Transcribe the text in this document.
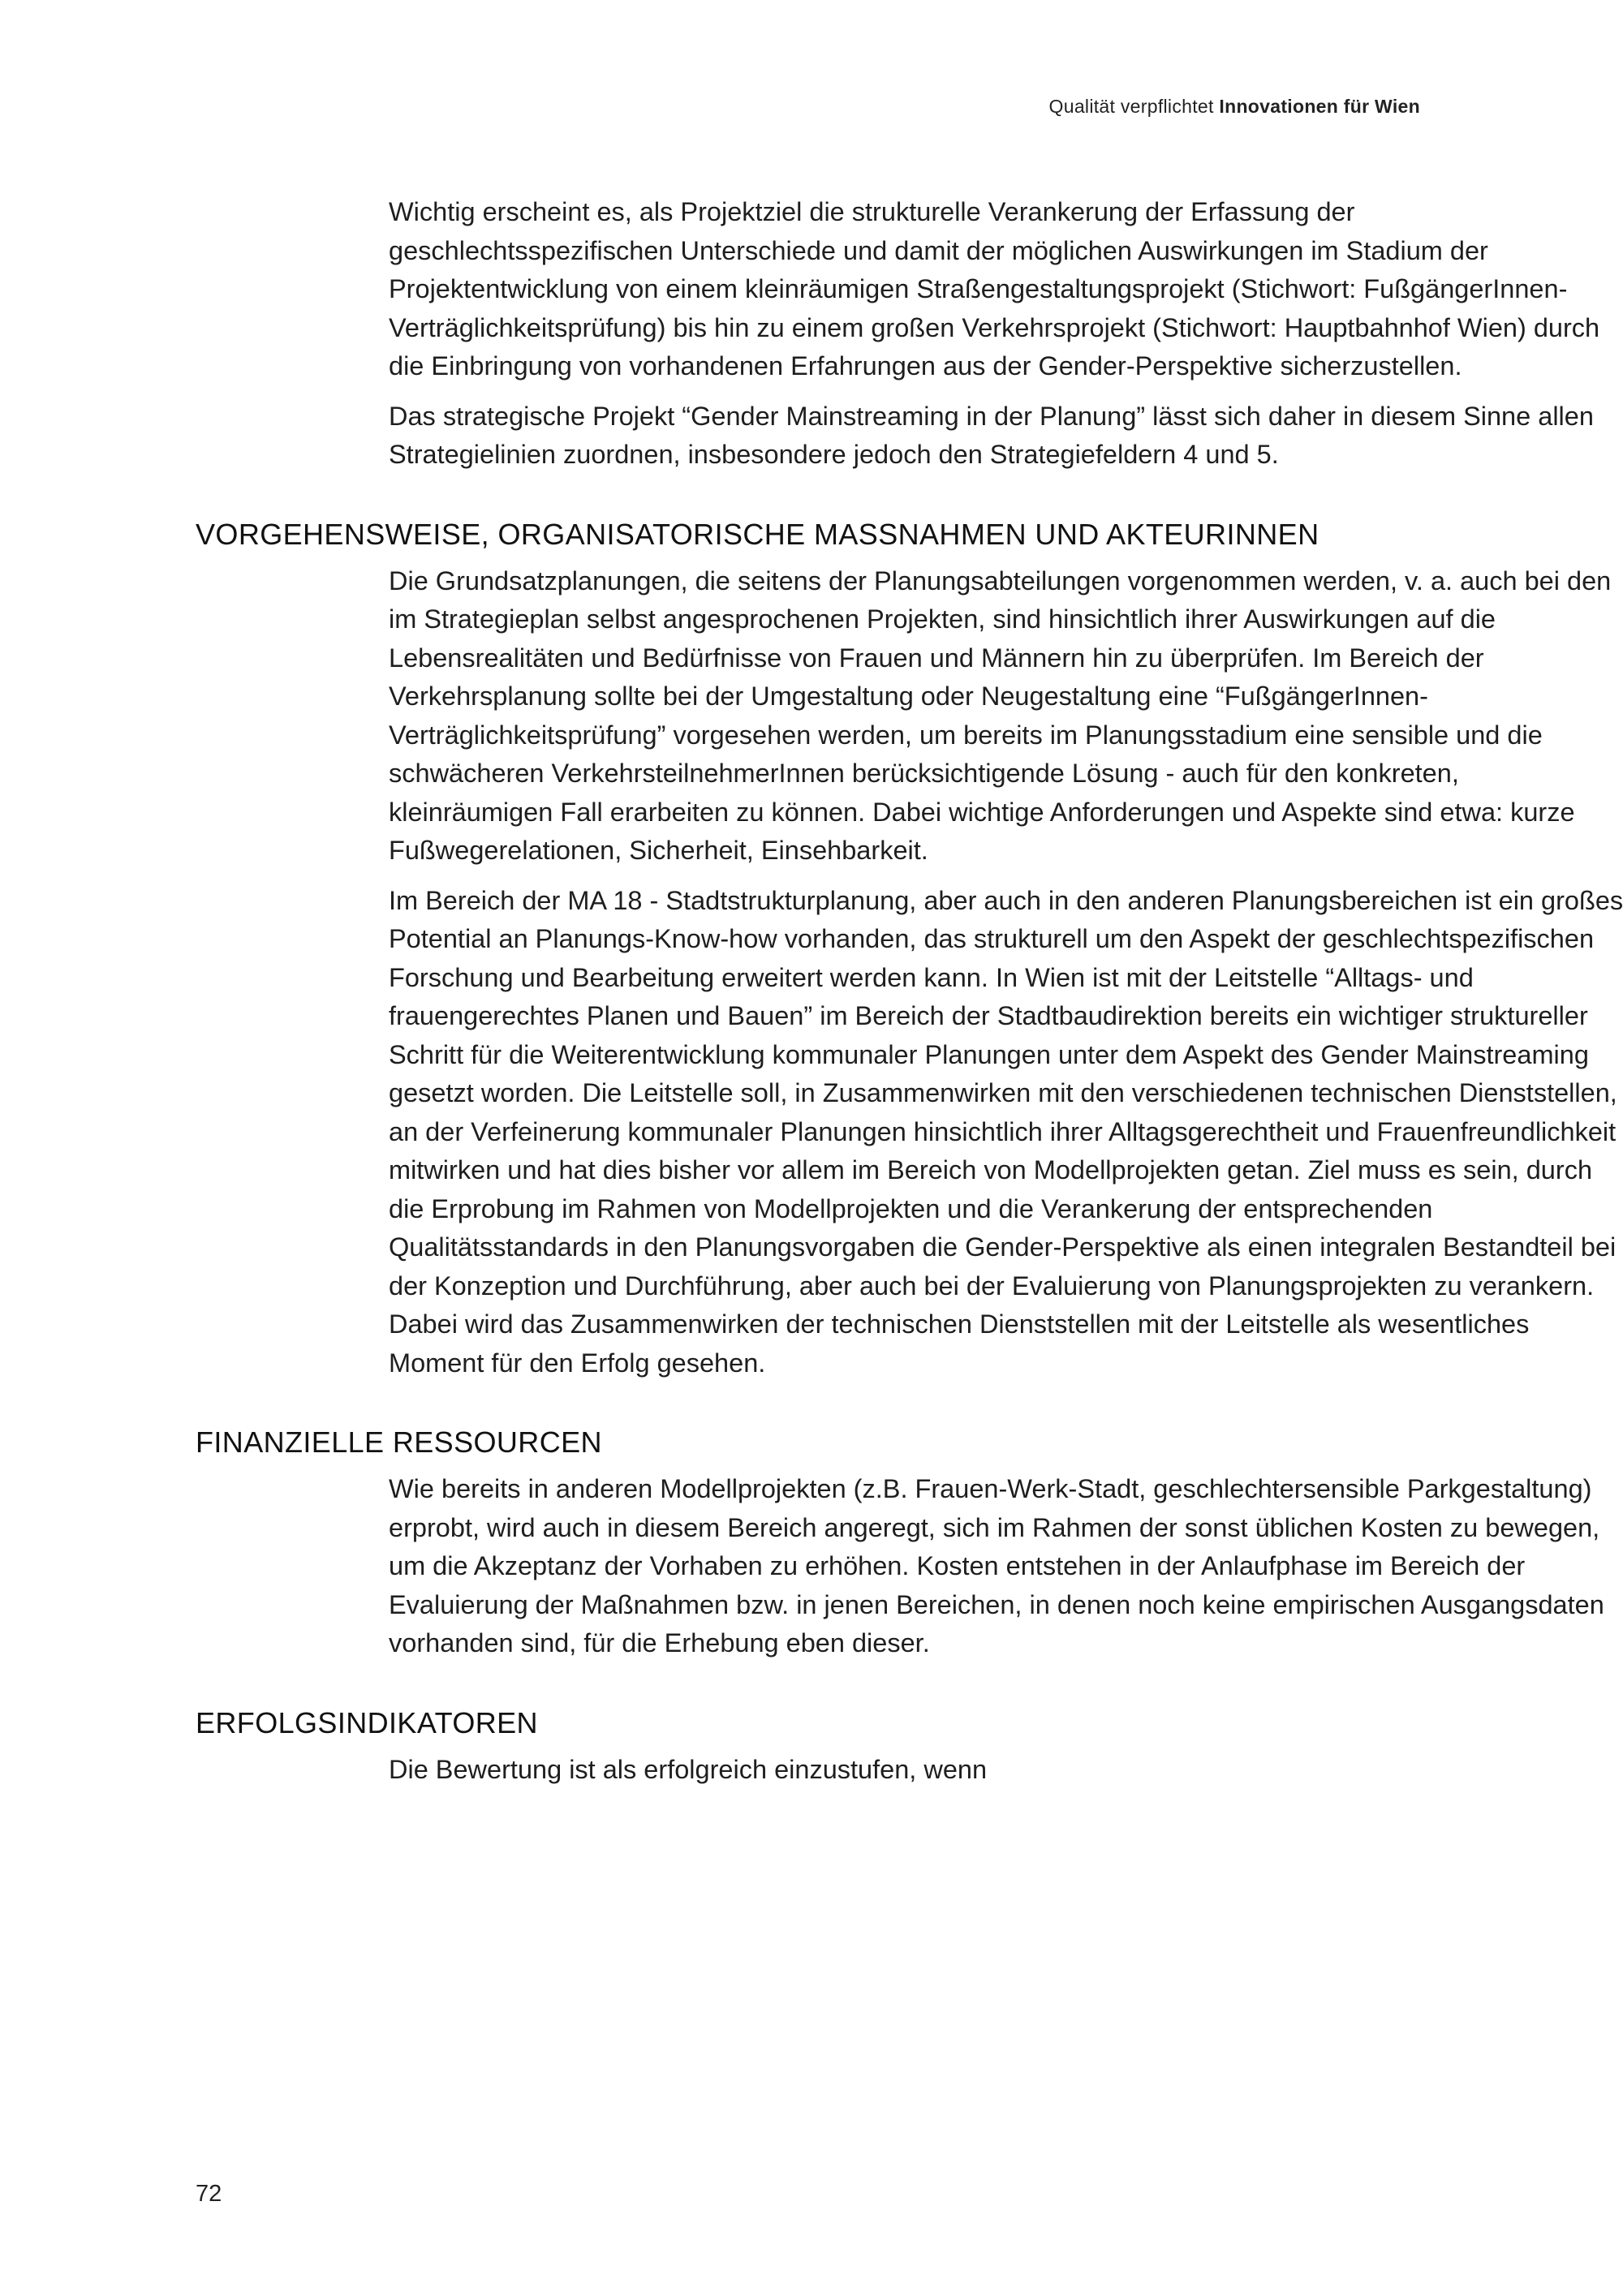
Qualität verpflichtet Innovationen für Wien

Wichtig erscheint es, als Projektziel die strukturelle Verankerung der Erfassung der geschlechtsspezifischen Unterschiede und damit der möglichen Auswirkungen im Stadium der Projektentwicklung von einem kleinräumigen Straßengestaltungsprojekt (Stichwort: FußgängerInnen-Verträglichkeitsprüfung) bis hin zu einem großen Verkehrsprojekt (Stichwort: Hauptbahnhof Wien) durch die Einbringung von vorhandenen Erfahrungen aus der Gender-Perspektive sicherzustellen.

Das strategische Projekt “Gender Mainstreaming in der Planung” lässt sich daher in diesem Sinne allen Strategielinien zuordnen, insbesondere jedoch den Strategiefeldern 4 und 5.

VORGEHENSWEISE, ORGANISATORISCHE MASSNAHMEN UND AKTEURINNEN

Die Grundsatzplanungen, die seitens der Planungsabteilungen vorgenommen werden, v. a. auch bei den im Strategieplan selbst angesprochenen Projekten, sind hinsichtlich ihrer Auswirkungen auf die Lebensrealitäten und Bedürfnisse von Frauen und Männern hin zu überprüfen. Im Bereich der Verkehrsplanung sollte bei der Umgestaltung oder Neugestaltung eine “FußgängerInnen-Verträglichkeitsprüfung” vorgesehen werden, um bereits im Planungsstadium eine sensible und die schwächeren VerkehrsteilnehmerInnen berücksichtigende Lösung - auch für den konkreten, kleinräumigen Fall erarbeiten zu können. Dabei wichtige Anforderungen und Aspekte sind etwa: kurze Fußwegerelationen, Sicherheit, Einsehbarkeit.

Im Bereich der MA 18 - Stadtstrukturplanung, aber auch in den anderen Planungsbereichen ist ein großes Potential an Planungs-Know-how vorhanden, das strukturell um den Aspekt der geschlechtspezifischen Forschung und Bearbeitung erweitert werden kann. In Wien ist mit der Leitstelle “Alltags- und frauengerechtes Planen und Bauen” im Bereich der Stadtbaudirektion bereits ein wichtiger struktureller Schritt für die Weiterentwicklung kommunaler Planungen unter dem Aspekt des Gender Mainstreaming gesetzt worden. Die Leitstelle soll, in Zusammenwirken mit den verschiedenen technischen Dienststellen, an der Verfeinerung kommunaler Planungen hinsichtlich ihrer Alltagsgerechtheit und Frauenfreundlichkeit mitwirken und hat dies bisher vor allem im Bereich von Modellprojekten getan. Ziel muss es sein, durch die Erprobung im Rahmen von Modellprojekten und die Verankerung der entsprechenden Qualitätsstandards in den Planungsvorgaben die Gender-Perspektive als einen integralen Bestandteil bei der Konzeption und Durchführung, aber auch bei der Evaluierung von Planungsprojekten zu verankern. Dabei wird das Zusammenwirken der technischen Dienststellen mit der Leitstelle als wesentliches Moment für den Erfolg gesehen.

FINANZIELLE RESSOURCEN

Wie bereits in anderen Modellprojekten (z.B. Frauen-Werk-Stadt, geschlechtersensible Parkgestaltung) erprobt, wird auch in diesem Bereich angeregt, sich im Rahmen der sonst üblichen Kosten zu bewegen, um die Akzeptanz der Vorhaben zu erhöhen. Kosten entstehen in der Anlaufphase im Bereich der Evaluierung der Maßnahmen bzw. in jenen Bereichen, in denen noch keine empirischen Ausgangsdaten vorhanden sind, für die Erhebung eben dieser.

ERFOLGSINDIKATOREN

Die Bewertung ist als erfolgreich einzustufen, wenn

72
